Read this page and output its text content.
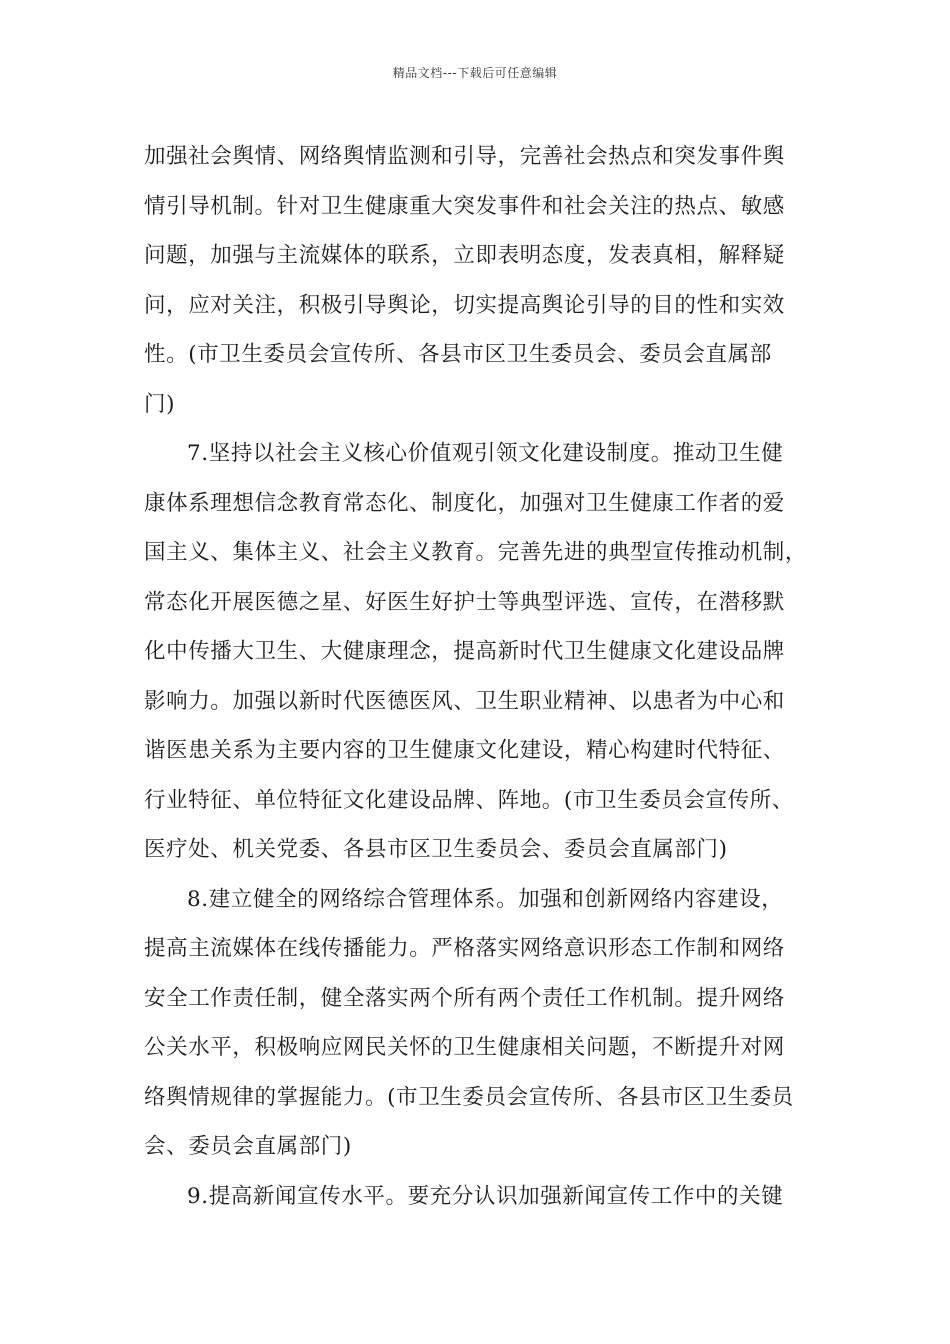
精品文档---下载后可任意编辑
加强社会舆情、网络舆情监测和引导，完善社会热点和突发事件舆
情引导机制。针对卫生健康重大突发事件和社会关注的热点、敏感
问题，加强与主流媒体的联系，立即表明态度，发表真相，解释疑
问，应对关注，积极引导舆论，切实提高舆论引导的目的性和实效
性。(市卫生委员会宣传所、各县市区卫生委员会、委员会直属部
门)
7.坚持以社会主义核心价值观引领文化建设制度。推动卫生健
康体系理想信念教育常态化、制度化，加强对卫生健康工作者的爱
国主义、集体主义、社会主义教育。完善先进的典型宣传推动机制，
常态化开展医德之星、好医生好护士等典型评选、宣传，在潜移默
化中传播大卫生、大健康理念，提高新时代卫生健康文化建设品牌
影响力。加强以新时代医德医风、卫生职业精神、以患者为中心和
谐医患关系为主要内容的卫生健康文化建设，精心构建时代特征、
行业特征、单位特征文化建设品牌、阵地。(市卫生委员会宣传所、
医疗处、机关党委、各县市区卫生委员会、委员会直属部门)
8.建立健全的网络综合管理体系。加强和创新网络内容建设，
提高主流媒体在线传播能力。严格落实网络意识形态工作制和网络
安全工作责任制，健全落实两个所有两个责任工作机制。提升网络
公关水平，积极响应网民关怀的卫生健康相关问题，不断提升对网
络舆情规律的掌握能力。(市卫生委员会宣传所、各县市区卫生委员
会、委员会直属部门)
9.提高新闻宣传水平。要充分认识加强新闻宣传工作中的关键
